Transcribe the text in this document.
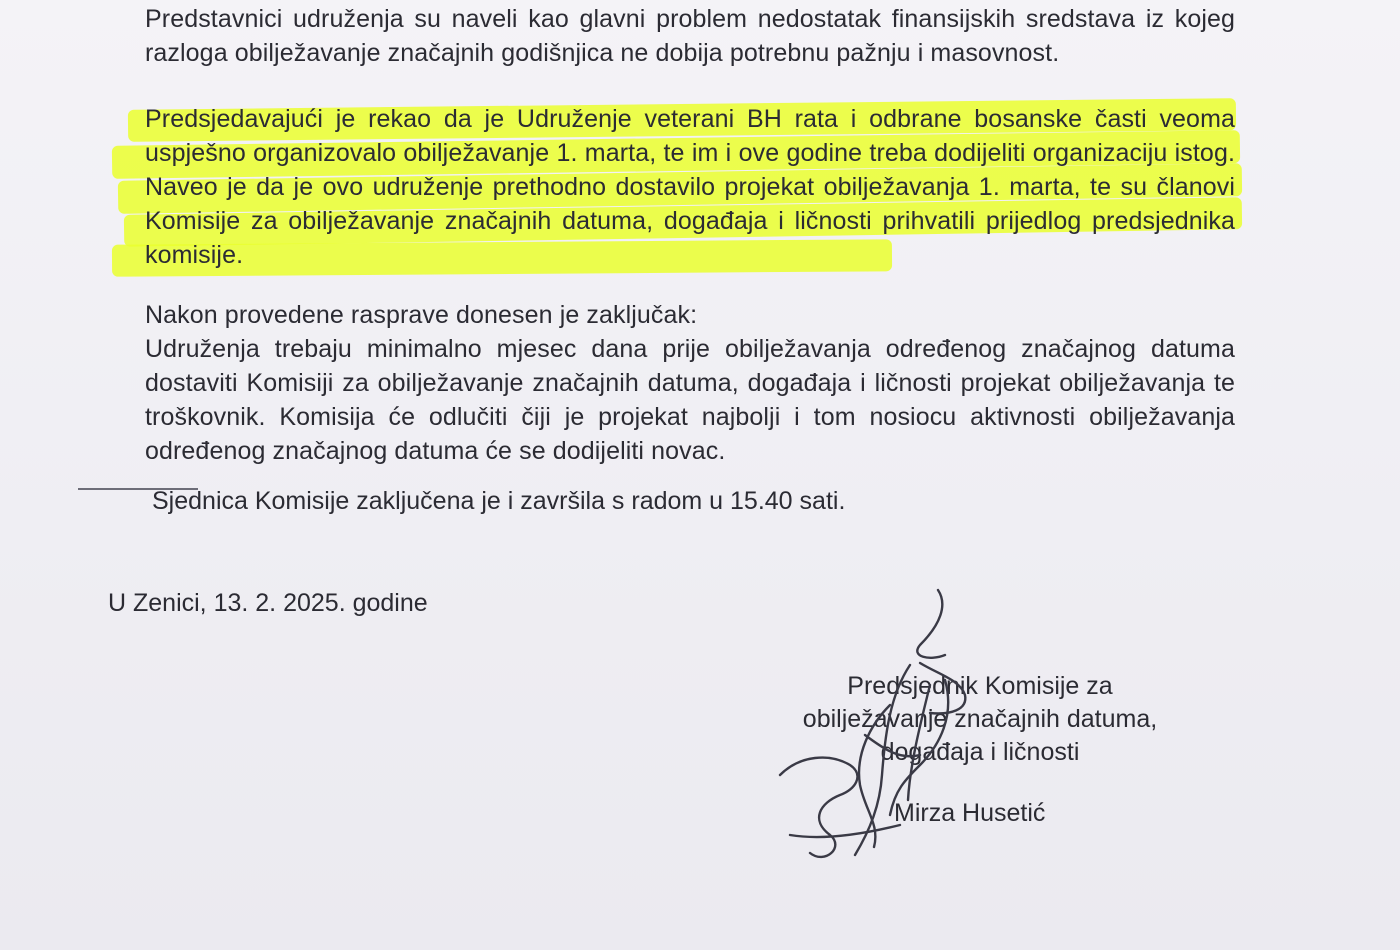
Predstavnici udruženja su naveli kao glavni problem nedostatak finansijskih sredstava iz kojeg razloga obilježavanje značajnih godišnjica ne dobija potrebnu pažnju i masovnost.

Predsjedavajući je rekao da je Udruženje veterani BH rata i odbrane bosanske časti veoma uspješno organizovalo obilježavanje 1. marta, te im i ove godine treba dodijeliti organizaciju istog. Naveo je da je ovo udruženje prethodno dostavilo projekat obilježavanja 1. marta, te su članovi Komisije za obilježavanje značajnih datuma, događaja i ličnosti prihvatili prijedlog predsjednika komisije.

Nakon provedene rasprave donesen je zaključak:
Udruženja trebaju minimalno mjesec dana prije obilježavanja određenog značajnog datuma dostaviti Komisiji za obilježavanje značajnih datuma, događaja i ličnosti projekat obilježavanja te troškovnik. Komisija će odlučiti čiji je projekat najbolji i tom nosiocu aktivnosti obilježavanja određenog značajnog datuma će se dodijeliti novac.
Sjednica Komisije zaključena je i završila s radom u 15.40 sati.
U Zenici, 13. 2. 2025. godine
Predsjednik Komisije za
obilježavanje značajnih datuma,
događaja i ličnosti
Mirza Husetić
